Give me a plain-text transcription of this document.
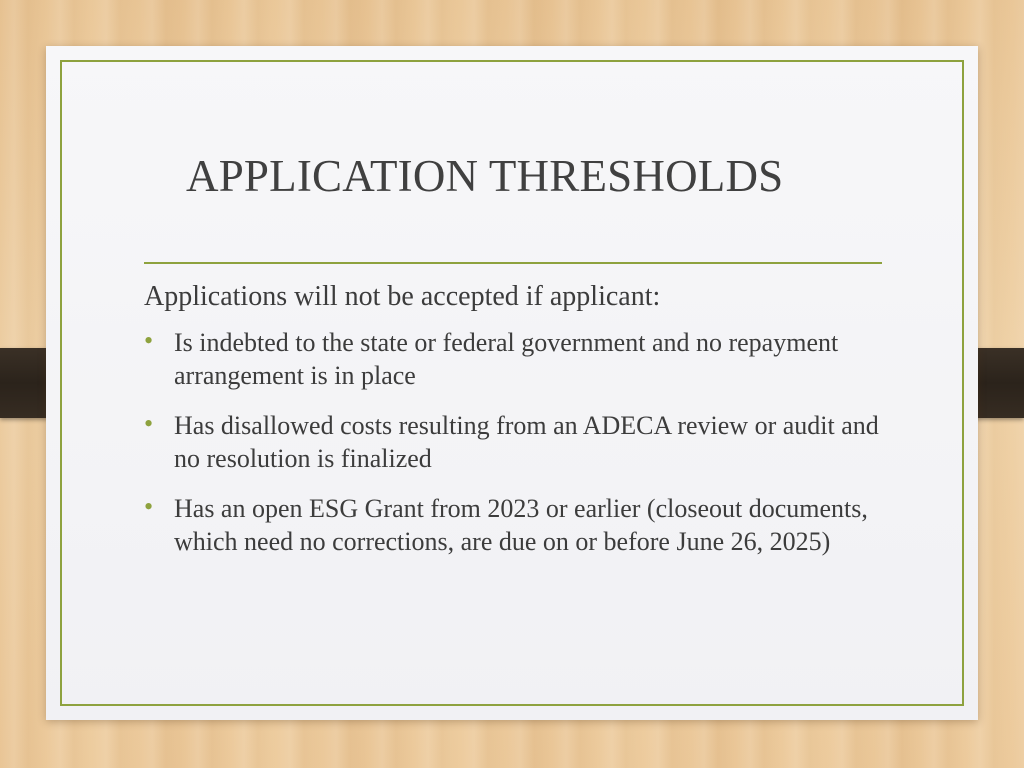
APPLICATION THRESHOLDS

Applications will not be accepted if applicant:

• Is indebted to the state or federal government and no repayment arrangement is in place
• Has disallowed costs resulting from an ADECA review or audit and no resolution is finalized
• Has an open ESG Grant from 2023 or earlier (closeout documents, which need no corrections, are due on or before June 26, 2025)
